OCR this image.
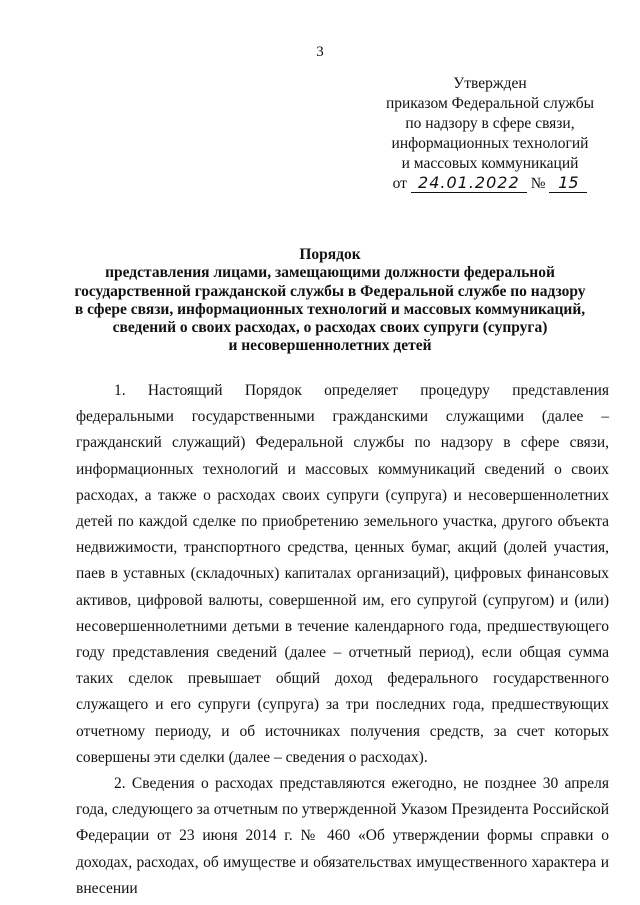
3
Утвержден
приказом Федеральной службы
по надзору в сфере связи,
информационных технологий
и массовых коммуникаций
от 24.01.2022 № 15
Порядок
представления лицами, замещающими должности федеральной
государственной гражданской службы в Федеральной службе по надзору
в сфере связи, информационных технологий и массовых коммуникаций,
сведений о своих расходах, о расходах своих супруги (супруга)
и несовершеннолетних детей

1. Настоящий Порядок определяет процедуру представления федеральными государственными гражданскими служащими (далее – гражданский служащий) Федеральной службы по надзору в сфере связи, информационных технологий и массовых коммуникаций сведений о своих расходах, а также о расходах своих супруги (супруга) и несовершеннолетних детей по каждой сделке по приобретению земельного участка, другого объекта недвижимости, транспортного средства, ценных бумаг, акций (долей участия, паев в уставных (складочных) капиталах организаций), цифровых финансовых активов, цифровой валюты, совершенной им, его супругой (супругом) и (или) несовершеннолетними детьми в течение календарного года, предшествующего году представления сведений (далее – отчетный период), если общая сумма таких сделок превышает общий доход федерального государственного служащего и его супруги (супруга) за три последних года, предшествующих отчетному периоду, и об источниках получения средств, за счет которых совершены эти сделки (далее – сведения о расходах).

2. Сведения о расходах представляются ежегодно, не позднее 30 апреля года, следующего за отчетным по утвержденной Указом Президента Российской Федерации от 23 июня 2014 г. № 460 «Об утверждении формы справки о доходах, расходах, об имуществе и обязательствах имущественного характера и внесении
